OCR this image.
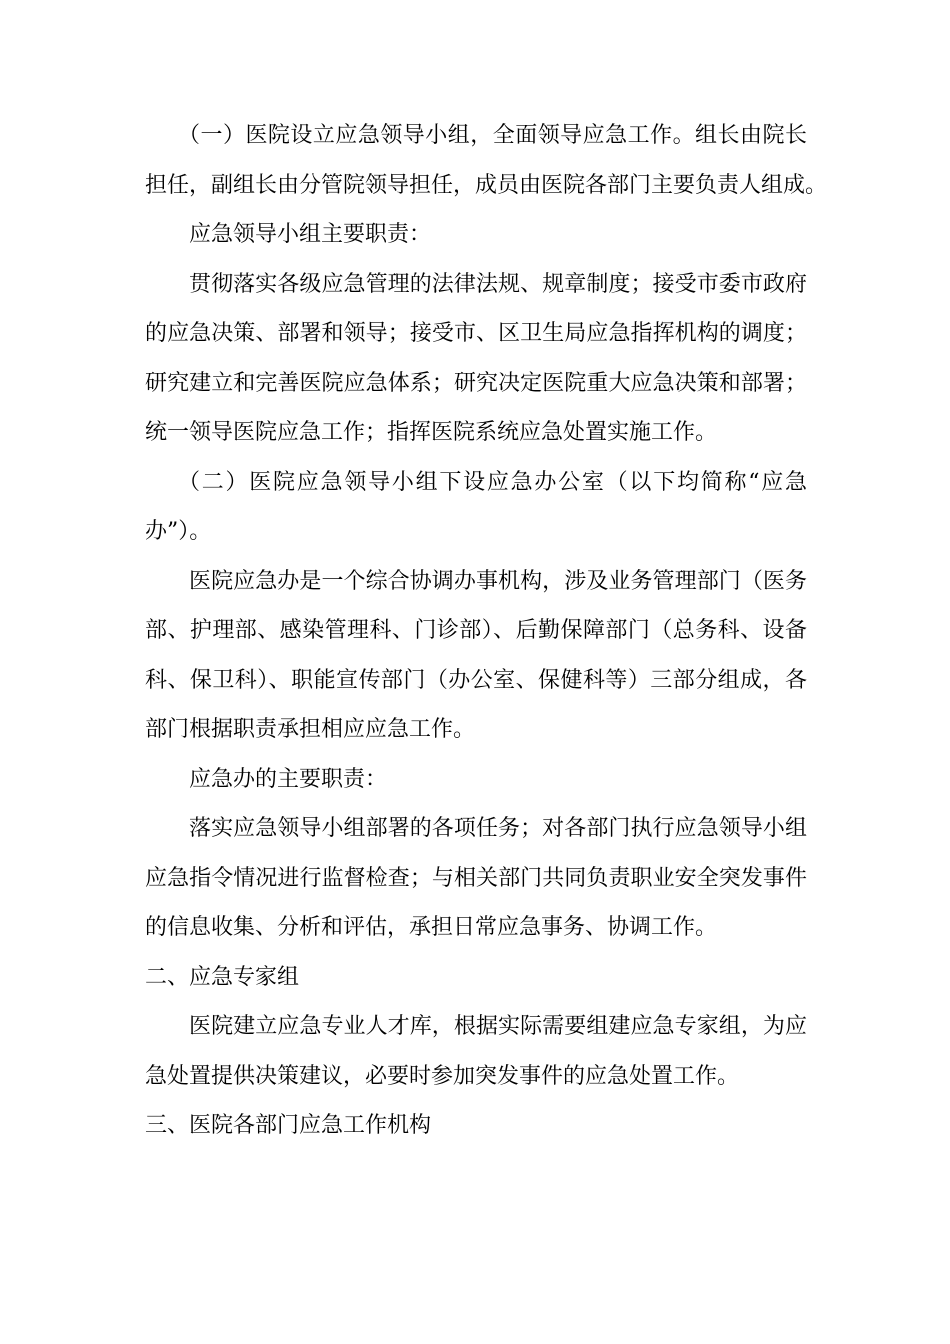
（一）医院设立应急领导小组，全面领导应急工作。组长由院长
担任，副组长由分管院领导担任，成员由医院各部门主要负责人组成。
应急领导小组主要职责：
贯彻落实各级应急管理的法律法规、规章制度；接受市委市政府
的应急决策、部署和领导；接受市、区卫生局应急指挥机构的调度；
研究建立和完善医院应急体系；研究决定医院重大应急决策和部署；
统一领导医院应急工作；指挥医院系统应急处置实施工作。
（二）医院应急领导小组下设应急办公室（以下均简称“应急
办”）。
医院应急办是一个综合协调办事机构，涉及业务管理部门（医务
部、护理部、感染管理科、门诊部）、后勤保障部门（总务科、设备
科、保卫科）、职能宣传部门（办公室、保健科等）三部分组成，各
部门根据职责承担相应应急工作。
应急办的主要职责：
落实应急领导小组部署的各项任务；对各部门执行应急领导小组
应急指令情况进行监督检查；与相关部门共同负责职业安全突发事件
的信息收集、分析和评估，承担日常应急事务、协调工作。
二、应急专家组
医院建立应急专业人才库，根据实际需要组建应急专家组，为应
急处置提供决策建议，必要时参加突发事件的应急处置工作。
三、医院各部门应急工作机构
